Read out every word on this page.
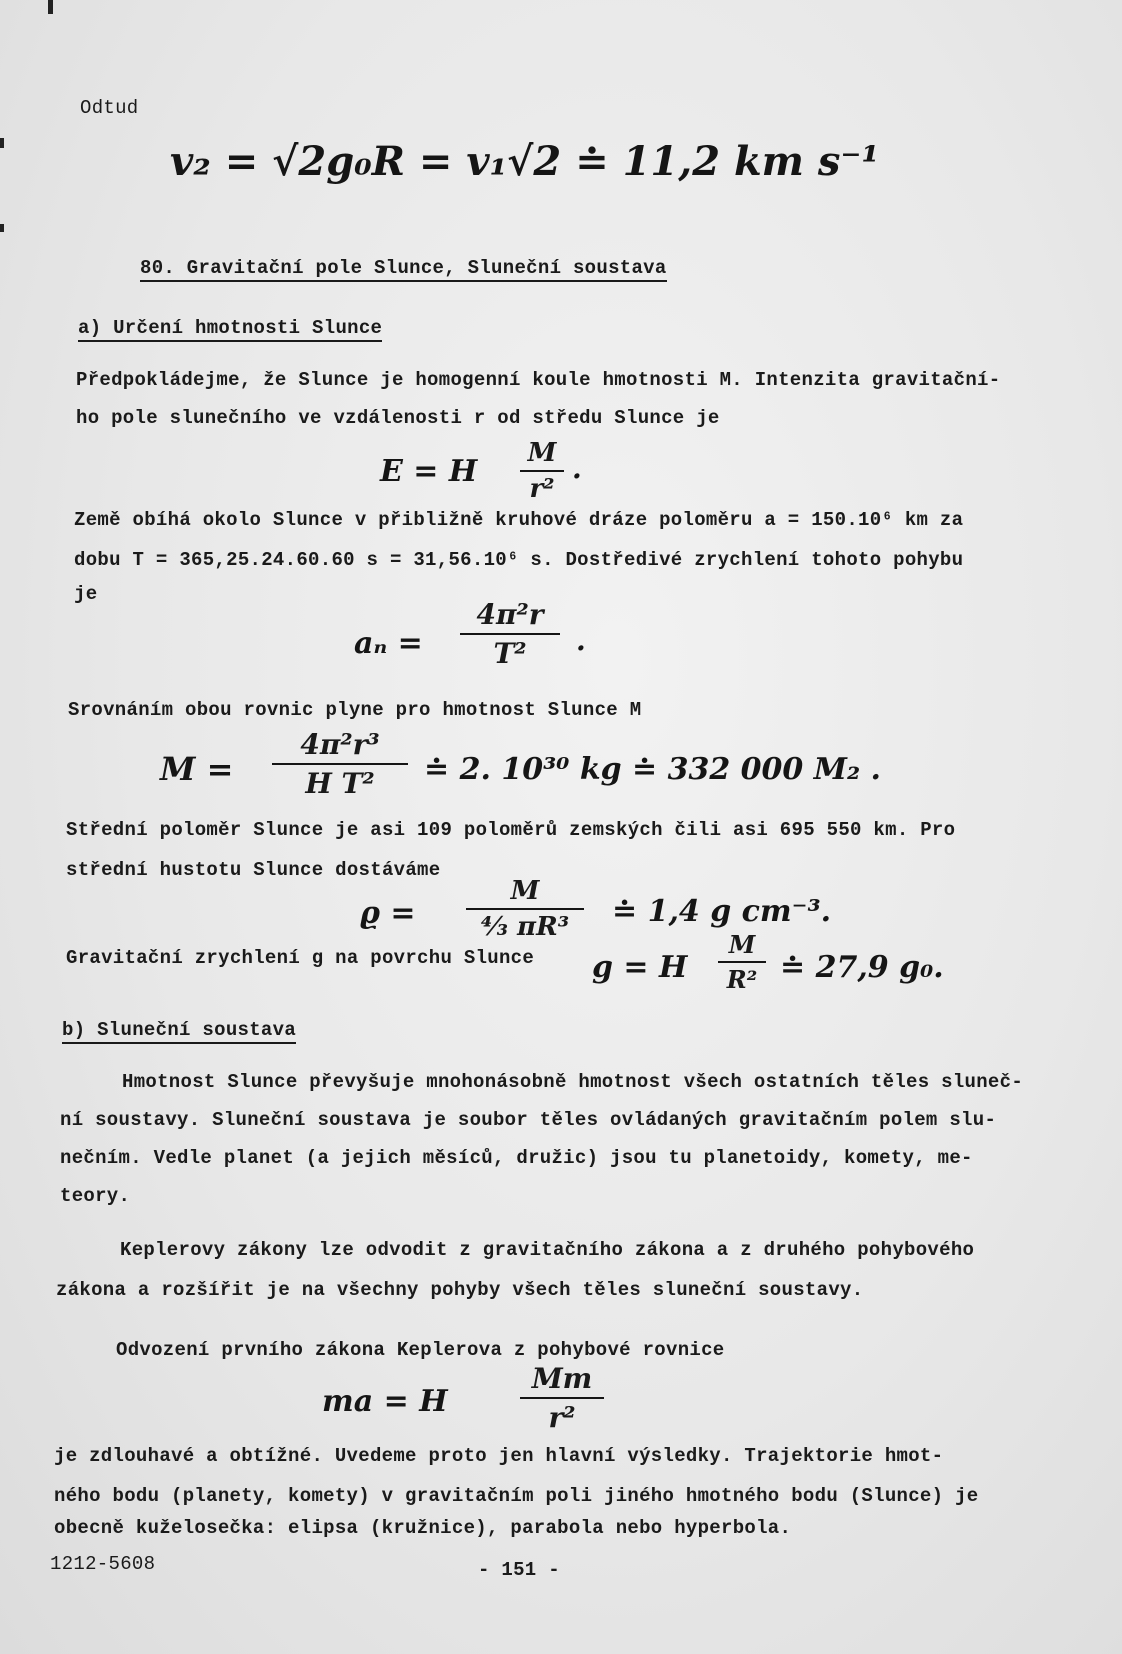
Odtud
v₂ = √2g₀R = v₁√2 ≐ 11,2 km s⁻¹
80. Gravitační pole Slunce, Sluneční soustava
a) Určení hmotnosti Slunce
Předpokládejme, že Slunce je homogenní koule hmotnosti M. Intenzita gravitační-
ho pole slunečního ve vzdálenosti r od středu Slunce je
E = Η
M
r²
.
Země obíhá okolo Slunce v přibližně kruhové dráze poloměru a = 150.10⁶ km za
dobu T = 365,25.24.60.60 s = 31,56.10⁶ s. Dostředivé zrychlení tohoto pohybu
je
aₙ =
4π²r
T²	.
Srovnáním obou rovnic plyne pro hmotnost Slunce M
M =
4π²r³
Η T²	≐ 2. 10³⁰ kg ≐ 332 000 M₂ .
Střední poloměr Slunce je asi 109 poloměrů zemských čili asi 695 550 km. Pro
střední hustotu Slunce dostáváme
ϱ =
M
⁴⁄₃ πR³	≐ 1,4 g cm⁻³.
Gravitační zrychlení g na povrchu Slunce g = Η
M
R² ≐ 27,9 g₀.
b) Sluneční soustava
Hmotnost Slunce převyšuje mnohonásobně hmotnost všech ostatních těles sluneč-
ní soustavy. Sluneční soustava je soubor těles ovládaných gravitačním polem slu-
nečním. Vedle planet (a jejich měsíců, družic) jsou tu planetoidy, komety, me-
teory.
Keplerovy zákony lze odvodit z gravitačního zákona a z druhého pohybového
zákona a rozšířit je na všechny pohyby všech těles sluneční soustavy.
Odvození prvního zákona Keplerova z pohybové rovnice
ma = Η
Mm
r²
je zdlouhavé a obtížné. Uvedeme proto jen hlavní výsledky. Trajektorie hmot-
ného bodu (planety, komety) v gravitačním poli jiného hmotného bodu (Slunce) je
obecně kuželosečka: elipsa (kružnice), parabola nebo hyperbola.
1212-5608	- 151 -
